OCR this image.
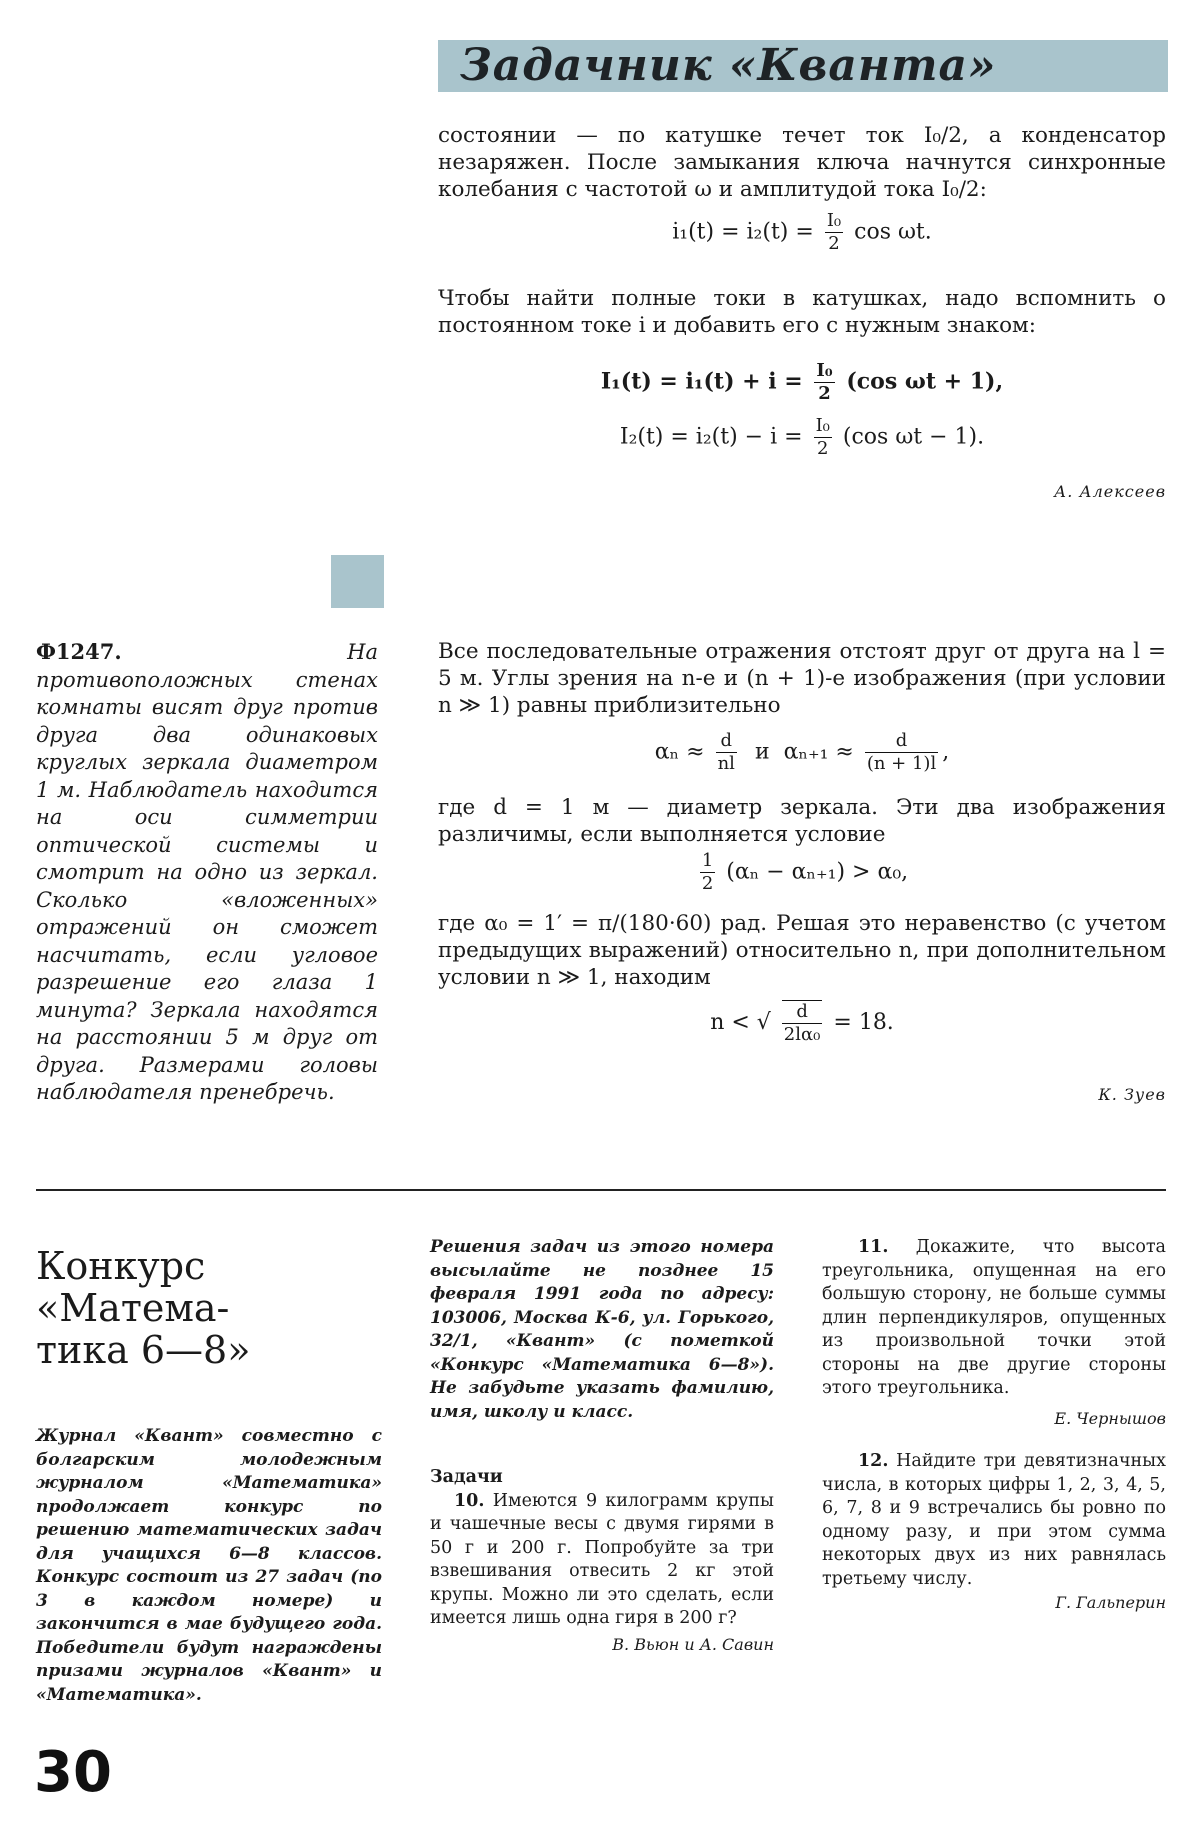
Задачник «Кванта»

состоянии — по катушке течет ток I₀/2, а конденсатор незаряжен. После замыкания ключа начнутся синхронные колебания с частотой ω и амплитудой тока I₀/2:

$i_1(t) = i_2(t) = \frac{\text{I₀}}{2}$ cos ωt.

Чтобы найти полные токи в катушках, надо вспомнить о постоянном токе i и добавить его с нужным знаком:

$I_1(t) = i_1(t) + i = \frac{\text{I₀}}{2} (\cos$ ωt + 1),
$I_2(t) = i_2(t) - i = \frac{\text{I₀}}{2} (\cos$ ωt − 1).
А. Алексеев

Ф1247.	На противоположных стенах комнаты висят друг против друга два одинаковых круглых зеркала диаметром 1 м. Наблюдатель находится на оси симметрии оптической системы и смотрит на одно из зеркал. Сколько «вложенных» отражений он сможет насчитать, если угловое разрешение его глаза 1 минута? Зеркала находятся на расстоянии 5 м друг от друга. Размерами головы наблюдателя пренебречь.

Все последовательные отражения отстоят друг от друга на l = 5 м. Углы зрения на n-е и (n + 1)-е изображения (при условии n ≫ 1) равны приблизительно

$\alpha_n \approx \frac{d}{nl}$ и $\alpha_{n+1} \approx \frac{d}{(n + 1)l}$ ,

где d = 1 м — диаметр зеркала. Эти два изображения различимы, если выполняется условие

$\frac{1}{2} (\alpha_n - \alpha_{n+1}) > \alpha_0$,

где α₀ = 1′ = π/(180·60) рад. Решая это неравенство (с учетом предыдущих выражений) относительно n, при дополнительном условии n ≫ 1, находим

n < √ $\frac{d}{\text{2lα₀}} = 18$.
К. Зуев

Конкурс

«Матема-

тика 6—8»

Журнал «Квант» совместно с болгарским молодежным журналом «Математика» продолжает конкурс по решению математических задач для учащихся 6—8 классов. Конкурс состоит из 27 задач (по 3 в каждом номере) и закончится в мае будущего года. Победители будут награждены призами журналов «Квант» и «Математика».

Решения задач из этого номера высылайте не позднее 15 февраля 1991 года по адресу: 103006, Москва К-6, ул. Горького, 32/1, «Квант» (с пометкой «Конкурс «Математика 6—8»). Не забудьте указать фамилию, имя, школу и класс.

Задачи

10. Имеются 9 килограмм крупы и чашечные весы с двумя гирями в 50 г и 200 г. Попробуйте за три взвешивания отвесить 2 кг этой крупы. Можно ли это сделать, если имеется лишь одна гиря в 200 г?

В. Вьюн и А. Савин

11. Докажите, что высота треугольника, опущенная на его большую сторону, не больше суммы длин перпендикуляров, опущенных из произвольной точки этой стороны на две другие стороны этого треугольника.

Е. Чернышов

12. Найдите три девятизначных числа, в которых цифры 1, 2, 3, 4, 5, 6, 7, 8 и 9 встречались бы ровно по одному разу, и при этом сумма некоторых двух из них равнялась третьему числу.

Г. Гальперин

30
